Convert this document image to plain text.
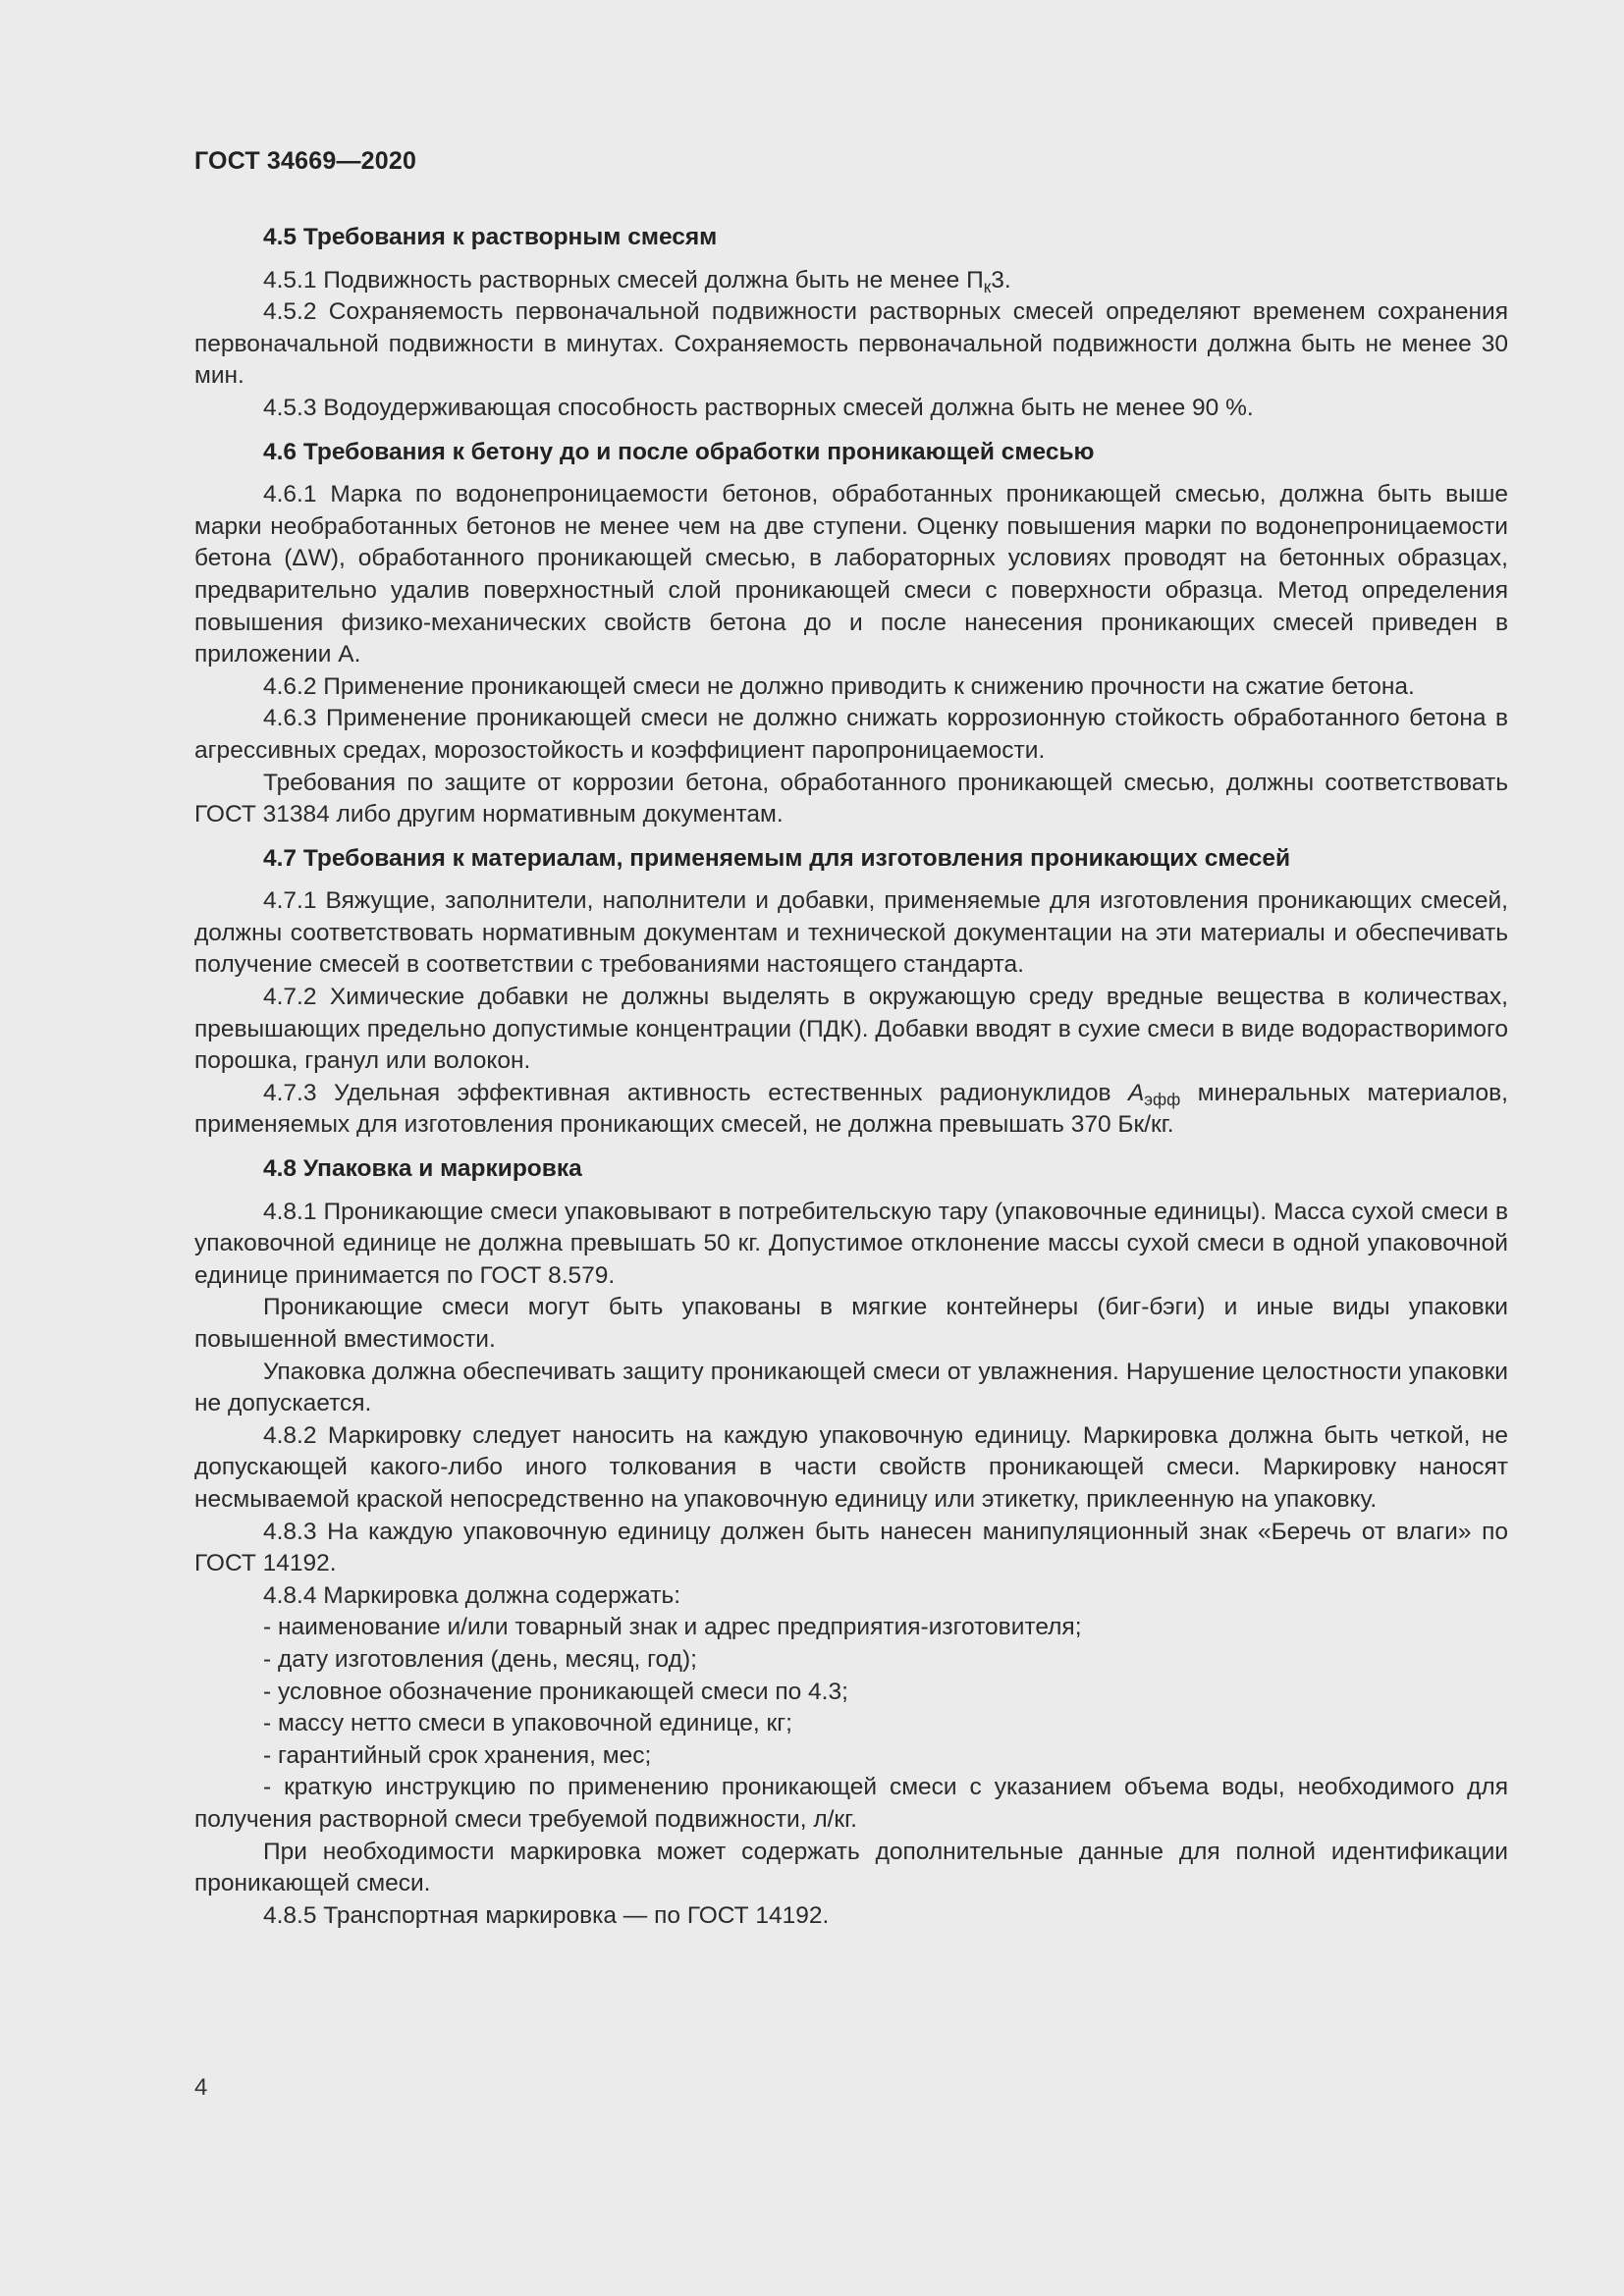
ГОСТ 34669—2020
4.5 Требования к растворным смесям

4.5.1 Подвижность растворных смесей должна быть не менее $П_к3$.

4.5.2 Сохраняемость первоначальной подвижности растворных смесей определяют временем сохранения первоначальной подвижности в минутах. Сохраняемость первоначальной подвижности должна быть не менее 30 мин.

4.5.3 Водоудерживающая способность растворных смесей должна быть не менее 90 %.

4.6 Требования к бетону до и после обработки проникающей смесью

4.6.1 Марка по водонепроницаемости бетонов, обработанных проникающей смесью, должна быть выше марки необработанных бетонов не менее чем на две ступени. Оценку повышения марки по водонепроницаемости бетона (ΔW), обработанного проникающей смесью, в лабораторных условиях проводят на бетонных образцах, предварительно удалив поверхностный слой проникающей смеси с поверхности образца. Метод определения повышения физико-механических свойств бетона до и после нанесения проникающих смесей приведен в приложении А.

4.6.2 Применение проникающей смеси не должно приводить к снижению прочности на сжатие бетона.

4.6.3 Применение проникающей смеси не должно снижать коррозионную стойкость обработанного бетона в агрессивных средах, морозостойкость и коэффициент паропроницаемости.

Требования по защите от коррозии бетона, обработанного проникающей смесью, должны соответствовать ГОСТ 31384 либо другим нормативным документам.

4.7 Требования к материалам, применяемым для изготовления проникающих смесей

4.7.1 Вяжущие, заполнители, наполнители и добавки, применяемые для изготовления проникающих смесей, должны соответствовать нормативным документам и технической документации на эти материалы и обеспечивать получение смесей в соответствии с требованиями настоящего стандарта.

4.7.2 Химические добавки не должны выделять в окружающую среду вредные вещества в количествах, превышающих предельно допустимые концентрации (ПДК). Добавки вводят в сухие смеси в виде водорастворимого порошка, гранул или волокон.

4.7.3 Удельная эффективная активность естественных радионуклидов $А_{эфф}$ минеральных материалов, применяемых для изготовления проникающих смесей, не должна превышать 370 Бк/кг.

4.8 Упаковка и маркировка

4.8.1 Проникающие смеси упаковывают в потребительскую тару (упаковочные единицы). Масса сухой смеси в упаковочной единице не должна превышать 50 кг. Допустимое отклонение массы сухой смеси в одной упаковочной единице принимается по ГОСТ 8.579.

Проникающие смеси могут быть упакованы в мягкие контейнеры (биг-бэги) и иные виды упаковки повышенной вместимости.

Упаковка должна обеспечивать защиту проникающей смеси от увлажнения. Нарушение целостности упаковки не допускается.

4.8.2 Маркировку следует наносить на каждую упаковочную единицу. Маркировка должна быть четкой, не допускающей какого-либо иного толкования в части свойств проникающей смеси. Маркировку наносят несмываемой краской непосредственно на упаковочную единицу или этикетку, приклеенную на упаковку.

4.8.3 На каждую упаковочную единицу должен быть нанесен манипуляционный знак «Беречь от влаги» по ГОСТ 14192.

4.8.4 Маркировка должна содержать:

- наименование и/или товарный знак и адрес предприятия-изготовителя;

- дату изготовления (день, месяц, год);

- условное обозначение проникающей смеси по 4.3;

- массу нетто смеси в упаковочной единице, кг;

- гарантийный срок хранения, мес;

- краткую инструкцию по применению проникающей смеси с указанием объема воды, необходимого для получения растворной смеси требуемой подвижности, л/кг.

При необходимости маркировка может содержать дополнительные данные для полной идентификации проникающей смеси.

4.8.5 Транспортная маркировка — по ГОСТ 14192.

4
